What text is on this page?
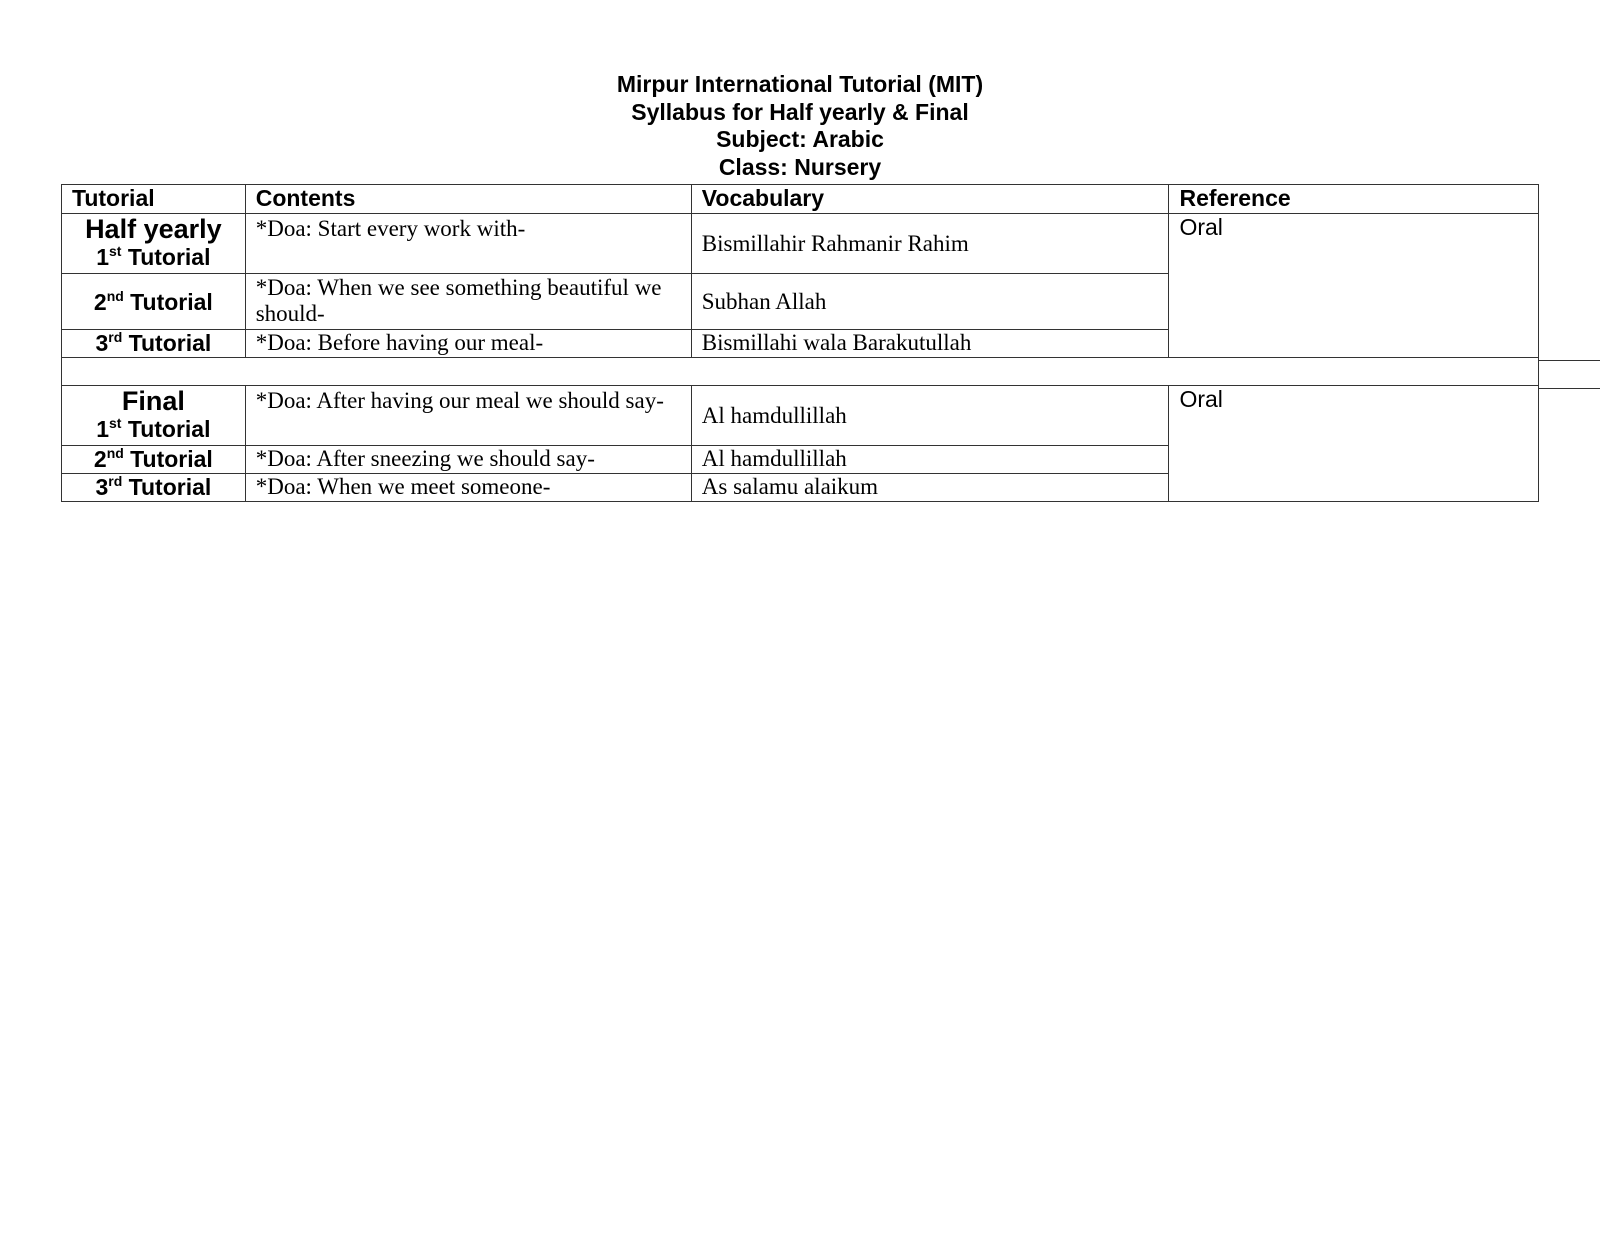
Mirpur International Tutorial (MIT)
Syllabus for Half yearly & Final
Subject: Arabic
Class: Nursery
Tutorial	Contents	Vocabulary	Reference

Half yearly
1st Tutorial	*Doa: Start every work with-	Bismillahir Rahmanir Rahim	Oral
2nd Tutorial	*Doa: When we see something beautiful we should-	Subhan Allah	
3rd Tutorial	*Doa: Before having our meal-	Bismillahi wala Barakutullah	

Final
1st Tutorial	*Doa: After having our meal we should say-	Al hamdullillah	Oral
2nd Tutorial	*Doa: After sneezing we should say-	Al hamdullillah	
3rd Tutorial	*Doa: When we meet someone-	As salamu alaikum	
